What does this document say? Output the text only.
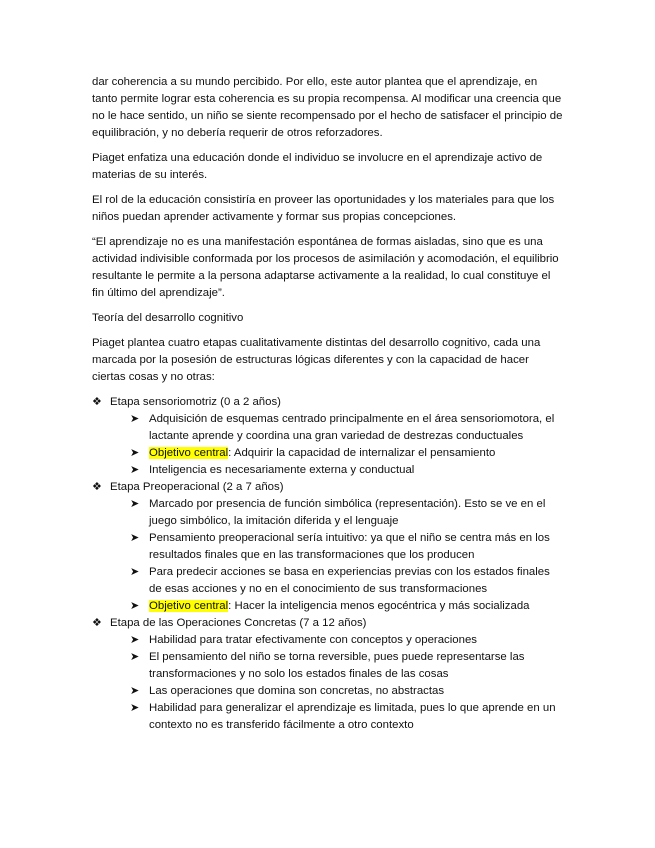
dar coherencia a su mundo percibido. Por ello, este autor plantea que el aprendizaje, en tanto permite lograr esta coherencia es su propia recompensa. Al modificar una creencia que no le hace sentido, un niño se siente recompensado por el hecho de satisfacer el principio de equilibración, y no debería requerir de otros reforzadores.

Piaget enfatiza una educación donde el individuo se involucre en el aprendizaje activo de materias de su interés.

El rol de la educación consistiría en proveer las oportunidades y los materiales para que los niños puedan aprender activamente y formar sus propias concepciones.

“El aprendizaje no es una manifestación espontánea de formas aisladas, sino que es una actividad indivisible conformada por los procesos de asimilación y acomodación, el equilibrio resultante le permite a la persona adaptarse activamente a la realidad, lo cual constituye el fin último del aprendizaje”.

Teoría del desarrollo cognitivo

Piaget plantea cuatro etapas cualitativamente distintas del desarrollo cognitivo, cada una marcada por la posesión de estructuras lógicas diferentes y con la capacidad de hacer ciertas cosas y no otras:

❖ Etapa sensoriomotriz (0 a 2 años)
➤ Adquisición de esquemas centrado principalmente en el área sensoriomotora, el lactante aprende y coordina una gran variedad de destrezas conductuales
➤ Objetivo central: Adquirir la capacidad de internalizar el pensamiento
➤ Inteligencia es necesariamente externa y conductual
❖ Etapa Preoperacional (2 a 7 años)
➤ Marcado por presencia de función simbólica (representación). Esto se ve en el juego simbólico, la imitación diferida y el lenguaje
➤ Pensamiento preoperacional sería intuitivo: ya que el niño se centra más en los resultados finales que en las transformaciones que los producen
➤ Para predecir acciones se basa en experiencias previas con los estados finales de esas acciones y no en el conocimiento de sus transformaciones
➤ Objetivo central: Hacer la inteligencia menos egocéntrica y más socializada
❖ Etapa de las Operaciones Concretas (7 a 12 años)
➤ Habilidad para tratar efectivamente con conceptos y operaciones
➤ El pensamiento del niño se torna reversible, pues puede representarse las transformaciones y no solo los estados finales de las cosas
➤ Las operaciones que domina son concretas, no abstractas
➤ Habilidad para generalizar el aprendizaje es limitada, pues lo que aprende en un contexto no es transferido fácilmente a otro contexto
